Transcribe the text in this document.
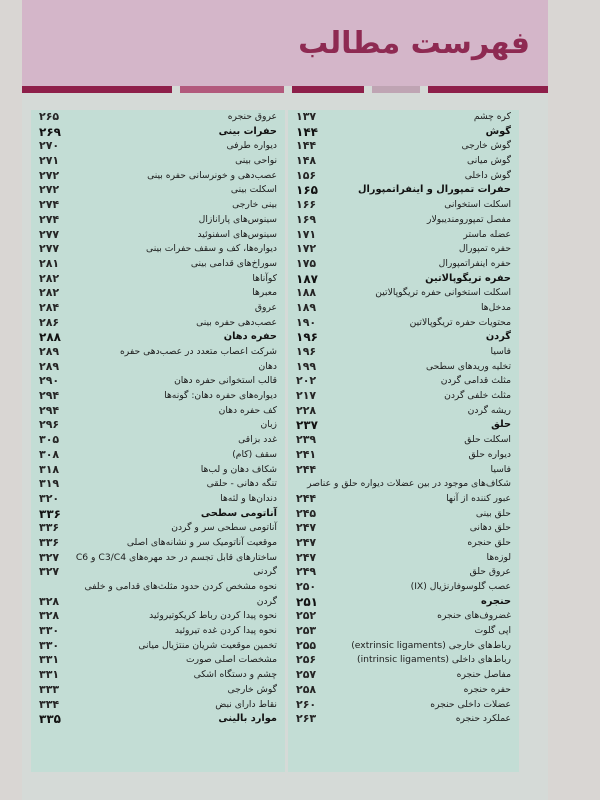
فهرست مطالب
کره چشم
۱۳۷
گوش
۱۴۴
گوش خارجی
۱۴۴
گوش میانی
۱۴۸
گوش داخلی
۱۵۶
حفرات تمپورال و اینفراتمپورال
۱۶۵
اسکلت استخوانی
۱۶۶
مفصل تمپورومندیبولار
۱۶۹
عضله ماستر
۱۷۱
حفره تمپورال
۱۷۲
حفره اینفراتمپورال
۱۷۵
حفره تریگوپالاتین
۱۸۷
اسکلت استخوانی حفره تریگوپالاتین
۱۸۸
مدخل‌ها
۱۸۹
محتویات حفره تریگوپالاتین
۱۹۰
گردن
۱۹۶
فاسیا
۱۹۶
تخلیه وریدهای سطحی
۱۹۹
مثلث قدامی گردن
۲۰۲
مثلث خلفی گردن
۲۱۷
ریشه گردن
۲۲۸
حلق
۲۳۷
اسکلت حلق
۲۳۹
دیواره حلق
۲۴۱
فاسیا
۲۴۴
شکاف‌های موجود در بین عضلات دیواره حلق و عناصر
عبور کننده از آنها
۲۴۴
حلق بینی
۲۴۵
حلق دهانی
۲۴۷
حلق حنجره
۲۴۷
لوزه‌ها
۲۴۷
عروق حلق
۲۴۹
عصب گلوسوفارنژیال (IX)
۲۵۰
حنجره
۲۵۱
غضروف‌های حنجره
۲۵۲
اپی گلوت
۲۵۳
رباط‌های خارجی (extrinsic ligaments)
۲۵۵
رباط‌های داخلی (intrinsic ligaments)
۲۵۶
مفاصل حنجره
۲۵۷
حفره حنجره
۲۵۸
عضلات داخلی حنجره
۲۶۰
عملکرد حنجره
۲۶۳
عروق حنجره
۲۶۵
حفرات بینی
۲۶۹
دیواره طرفی
۲۷۰
نواحی بینی
۲۷۱
عصب‌دهی و خونرسانی حفره بینی
۲۷۲
اسکلت بینی
۲۷۲
بینی خارجی
۲۷۴
سینوس‌های پارانازال
۲۷۴
سینوس‌های اسفنوئید
۲۷۷
دیواره‌ها، کف و سقف حفرات بینی
۲۷۷
سوراخ‌های قدامی بینی
۲۸۱
کوآناها
۲۸۲
معبرها
۲۸۲
عروق
۲۸۴
عصب‌دهی حفره بینی
۲۸۶
حفره دهان
۲۸۸
شرکت اعصاب متعدد در عصب‌دهی حفره
۲۸۹
دهان
۲۸۹
قالب استخوانی حفره دهان
۲۹۰
دیواره‌های حفره دهان: گونه‌ها
۲۹۴
کف حفره دهان
۲۹۴
زبان
۲۹۶
غدد بزاقی
۳۰۵
سقف (کام)
۳۰۸
شکاف دهان و لب‌ها
۳۱۸
تنگه دهانی - حلقی
۳۱۹
دندان‌ها و لثه‌ها
۳۲۰
آناتومی سطحی
۳۳۶
آناتومی سطحی سر و گردن
۳۳۶
موقعیت آناتومیک سر و نشانه‌های اصلی
۳۳۶
ساختارهای قابل تجسم در حد مهره‌های C3/C4 و C6
۳۲۷
گردنی
۳۲۷
نحوه مشخص کردن حدود مثلث‌های قدامی و خلفی
گردن
۳۲۸
نحوه پیدا کردن رباط کریکوتیروئید
۳۲۸
نحوه پیدا کردن غده تیروئید
۳۳۰
تخمین موقعیت شریان منتژیال میانی
۳۳۰
مشخصات اصلی صورت
۳۳۱
چشم و دستگاه اشکی
۳۳۱
گوش خارجی
۳۳۳
نقاط دارای نبض
۳۳۴
موارد بالینی
۳۳۵
